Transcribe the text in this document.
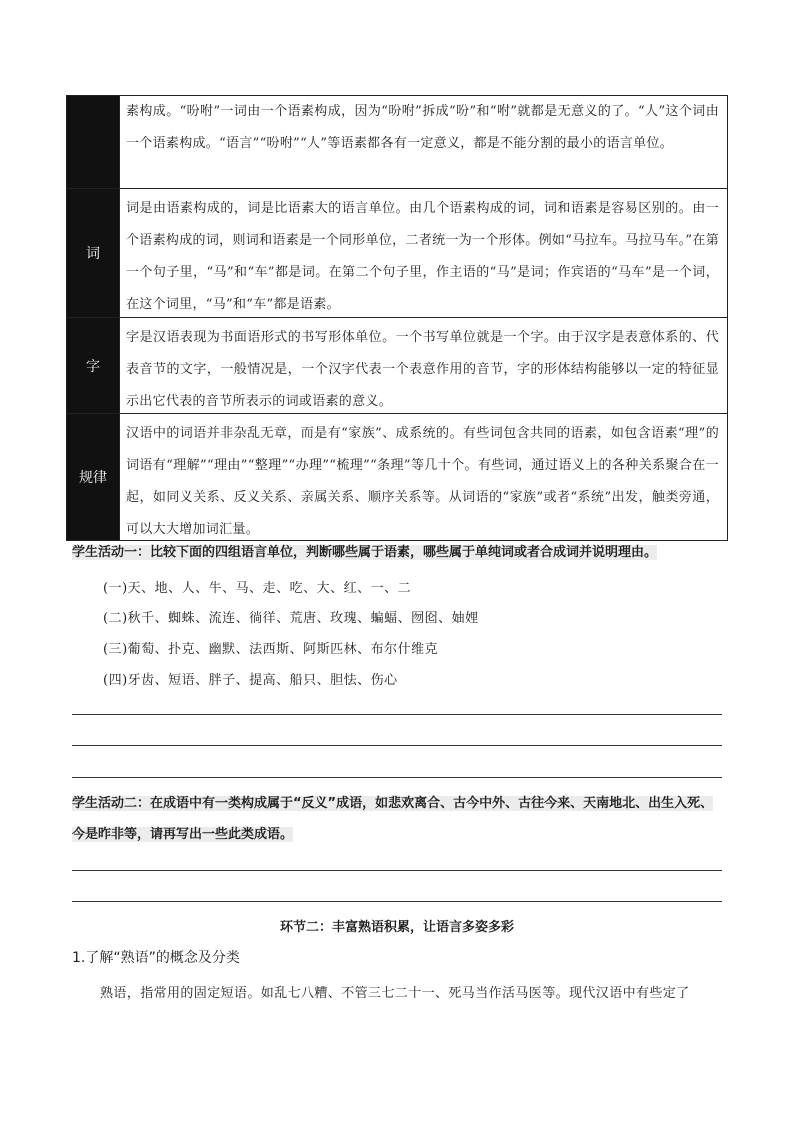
素构成。“吩咐”一词由一个语素构成，因为“吩咐”拆成“吩”和“咐”就都是无意义的了。“人”这个词由一个语素构成。“语言”“吩咐”“人”等语素都各有一定意义，都是不能分割的最小的语言单位。
词
词是由语素构成的，词是比语素大的语言单位。由几个语素构成的词，词和语素是容易区别的。由一个语素构成的词，则词和语素是一个同形单位，二者统一为一个形体。例如“马拉车。马拉马车。”在第一个句子里，“马”和“车”都是词。在第二个句子里，作主语的“马”是词；作宾语的“马车”是一个词，在这个词里，“马”和“车”都是语素。
字
字是汉语表现为书面语形式的书写形体单位。一个书写单位就是一个字。由于汉字是表意体系的、代表音节的文字，一般情况是，一个汉字代表一个表意作用的音节，字的形体结构能够以一定的特征显示出它代表的音节所表示的词或语素的意义。
规律
汉语中的词语并非杂乱无章，而是有“家族”、成系统的。有些词包含共同的语素，如包含语素“理”的词语有“理解”“理由”“整理”“办理”“梳理”“条理”等几十个。有些词，通过语义上的各种关系聚合在一起，如同义关系、反义关系、亲属关系、顺序关系等。从词语的“家族”或者“系统”出发，触类旁通，可以大大增加词汇量。
学生活动一：比较下面的四组语言单位，判断哪些属于语素，哪些属于单纯词或者合成词并说明理由。
(一)天、地、人、牛、马、走、吃、大、红、一、二
(二)秋千、蜘蛛、流连、徜徉、荒唐、玫瑰、蝙蝠、囫囵、妯娌
(三)葡萄、扑克、幽默、法西斯、阿斯匹林、布尔什维克
(四)牙齿、短语、胖子、提高、船只、胆怯、伤心
学生活动二：在成语中有一类构成属于“反义”成语，如悲欢离合、古今中外、古往今来、天南地北、出生入死、今是昨非等，请再写出一些此类成语。
环节二：丰富熟语积累，让语言多姿多彩
1.了解“熟语”的概念及分类
熟语，指常用的固定短语。如乱七八糟、不管三七二十一、死马当作活马医等。现代汉语中有些定了
